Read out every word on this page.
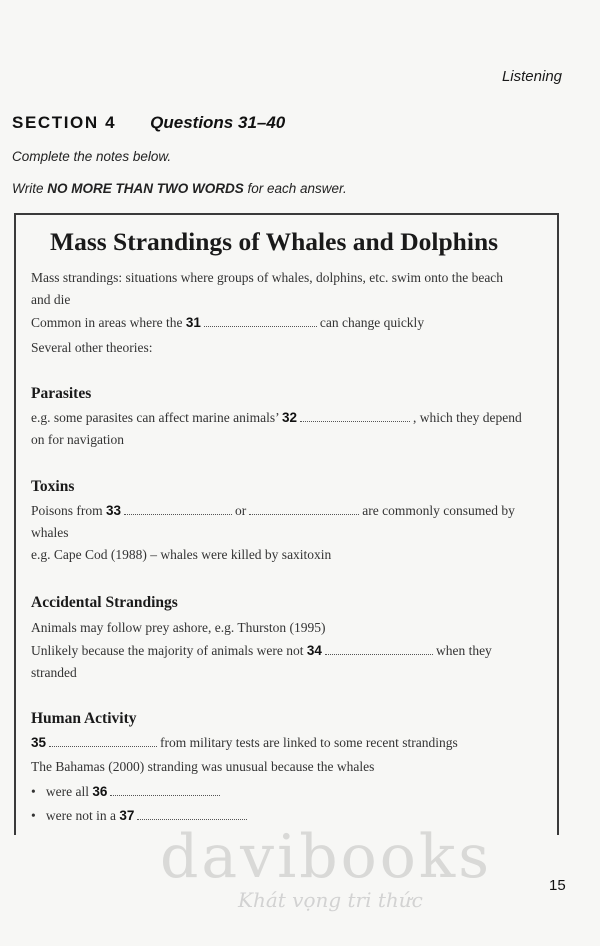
Listening
SECTION 4 Questions 31–40
Complete the notes below.
Write NO MORE THAN TWO WORDS for each answer.
Mass Strandings of Whales and Dolphins
Mass strandings: situations where groups of whales, dolphins, etc. swim onto the beach
and die
Common in areas where the 31	can change quickly
Several other theories:
Parasites
e.g. some parasites can affect marine animals’ 32	, which they depend
on for navigation
Toxins
Poisons from 33	or	are commonly consumed by
whales
e.g. Cape Cod (1988) – whales were killed by saxitoxin
Accidental Strandings
Animals may follow prey ashore, e.g. Thurston (1995)
Unlikely because the majority of animals were not 34	when they
stranded
Human Activity
35	from military tests are linked to some recent strandings
The Bahamas (2000) stranding was unusual because the whales
• were all 36
• were not in a 37
davibooks
Khát vọng tri thức
15
